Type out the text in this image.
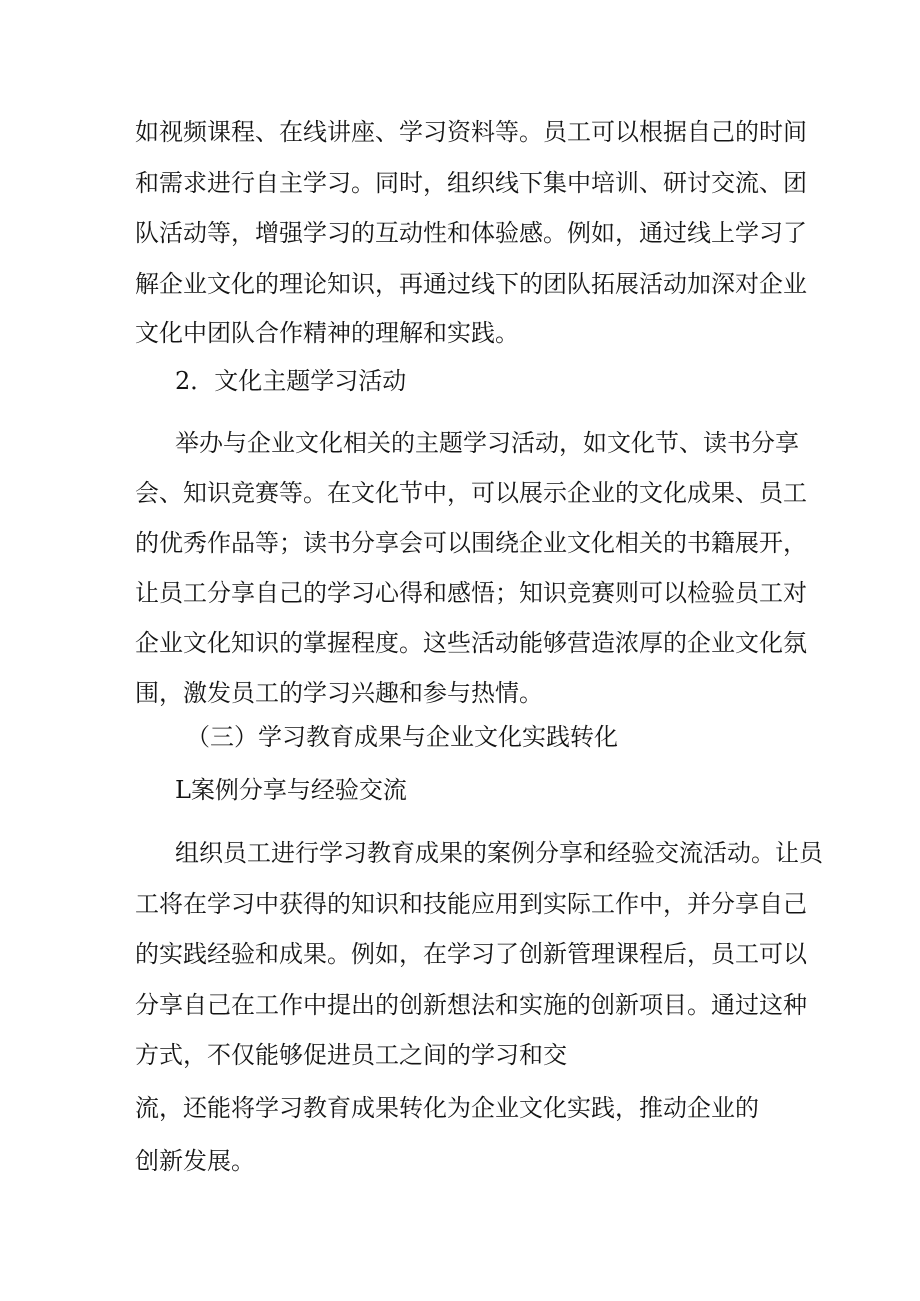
如 视 频 课 程 、 在 线 讲 座 、 学 习 资 料 等 。 员 工 可 以 根 据 自 己 的 时 间
和 需 求 进 行 自 主 学 习 。 同 时 ， 组 织 线 下 集 中 培 训 、 研 讨 交 流 、 团
队 活 动 等 ， 增 强 学 习 的 互 动 性 和 体 验 感 。 例 如 ， 通 过 线 上 学 习 了
解 企 业 文 化 的 理 论 知 识 ， 再 通 过 线 下 的 团 队 拓 展 活 动 加 深 对 企 业
文化中团队合作精神的理解和实践。
2．文化主题学习活动
举 办 与 企 业 文 化 相 关 的 主 题 学 习 活 动 ， 如 文 化 节 、 读 书 分 享
会 、 知 识 竞 赛 等 。 在 文 化 节 中 ， 可 以 展 示 企 业 的 文 化 成 果 、 员 工
的 优 秀 作 品 等 ； 读 书 分 享 会 可 以 围 绕 企 业 文 化 相 关 的 书 籍 展 开 ，
让 员 工 分 享 自 己 的 学 习 心 得 和 感 悟 ； 知 识 竞 赛 则 可 以 检 验 员 工 对
企 业 文 化 知 识 的 掌 握 程 度 。 这 些 活 动 能 够 营 造 浓 厚 的 企 业 文 化 氛
围，激发员工的学习兴趣和参与热情。
（三）学习教育成果与企业文化实践转化
L案例分享与经验交流
组 织 员 工 进 行 学 习 教 育 成 果 的 案 例 分 享 和 经 验 交 流 活 动 。 让 员
工 将 在 学 习 中 获 得 的 知 识 和 技 能 应 用 到 实 际 工 作 中 ， 并 分 享 自 己
的 实 践 经 验 和 成 果 。 例 如 ， 在 学 习 了 创 新 管 理 课 程 后 ， 员 工 可 以
分 享 自 己 在 工 作 中 提 出 的 创 新 想 法 和 实 施 的 创 新 项 目 。 通 过 这 种
方式，不仅能够促进员工之间的学习和交
流，还能将学习教育成果转化为企业文化实践，推动企业的
创新发展。
